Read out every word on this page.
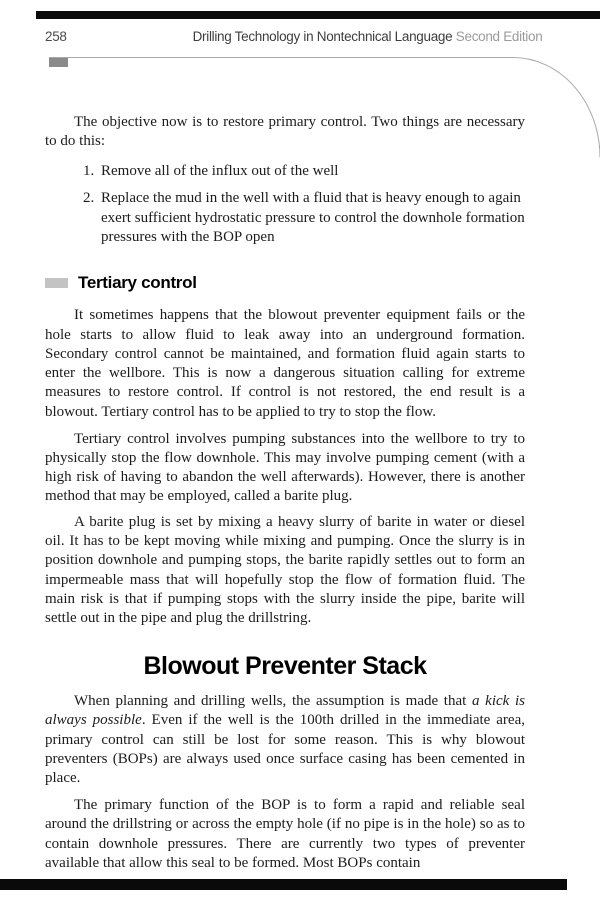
258	Drilling Technology in Nontechnical Language Second Edition

The objective now is to restore primary control. Two things are necessary to do this:

1. Remove all of the influx out of the well
2. Replace the mud in the well with a fluid that is heavy enough to again exert sufficient hydrostatic pressure to control the downhole formation pressures with the BOP open
Tertiary control

It sometimes happens that the blowout preventer equipment fails or the hole starts to allow fluid to leak away into an underground formation. Secondary control cannot be maintained, and formation fluid again starts to enter the wellbore. This is now a dangerous situation calling for extreme measures to restore control. If control is not restored, the end result is a blowout. Tertiary control has to be applied to try to stop the flow.

Tertiary control involves pumping substances into the wellbore to try to physically stop the flow downhole. This may involve pumping cement (with a high risk of having to abandon the well afterwards). However, there is another method that may be employed, called a barite plug.

A barite plug is set by mixing a heavy slurry of barite in water or diesel oil. It has to be kept moving while mixing and pumping. Once the slurry is in position downhole and pumping stops, the barite rapidly settles out to form an impermeable mass that will hopefully stop the flow of formation fluid. The main risk is that if pumping stops with the slurry inside the pipe, barite will settle out in the pipe and plug the drillstring.

Blowout Preventer Stack

When planning and drilling wells, the assumption is made that a kick is always possible. Even if the well is the 100th drilled in the immediate area, primary control can still be lost for some reason. This is why blowout preventers (BOPs) are always used once surface casing has been cemented in place.

The primary function of the BOP is to form a rapid and reliable seal around the drillstring or across the empty hole (if no pipe is in the hole) so as to contain downhole pressures. There are currently two types of preventer available that allow this seal to be formed. Most BOPs contain
